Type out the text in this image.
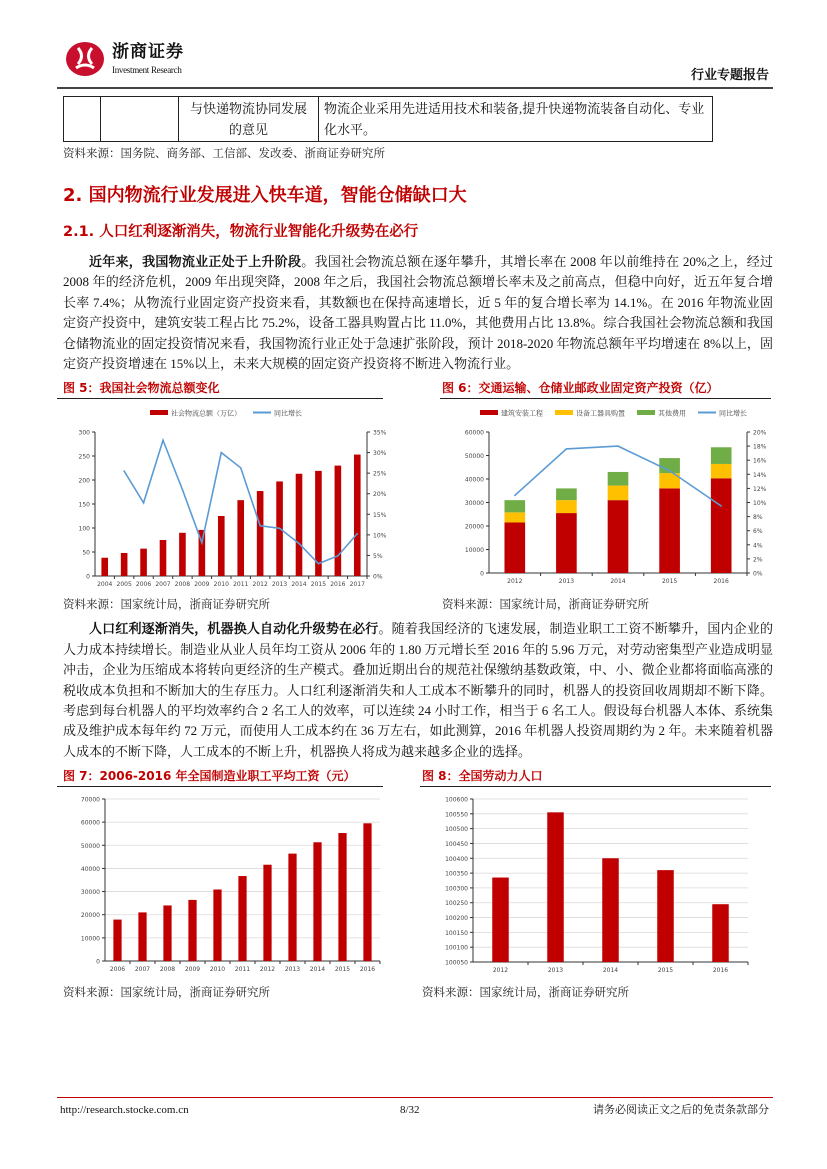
浙商证券
Investment Research	行业专题报告
		与快递物流协同发展的意见	物流企业采用先进适用技术和装备,提升快递物流装备自动化、专业化水平。
资料来源：国务院、商务部、工信部、发改委、浙商证券研究所
2. 国内物流行业发展进入快车道，智能仓储缺口大
2.1. 人口红利逐渐消失，物流行业智能化升级势在必行
近年来，我国物流业正处于上升阶段。我国社会物流总额在逐年攀升，其增长率在 2008 年以前维持在 20%之上，经过 2008 年的经济危机，2009 年出现突降，2008 年之后，我国社会物流总额增长率未及之前高点，但稳中向好，近五年复合增长率 7.4%；从物流行业固定资产投资来看，其数额也在保持高速增长，近 5 年的复合增长率为 14.1%。在 2016 年物流业固定资产投资中，建筑安装工程占比 75.2%，设备工器具购置占比 11.0%，其他费用占比 13.8%。综合我国社会物流总额和我国仓储物流业的固定投资情况来看，我国物流行业正处于急速扩张阶段，预计 2018-2020 年物流总额年平均增速在 8%以上，固定资产投资增速在 15%以上，未来大规模的固定资产投资将不断进入物流行业。
图 5：我国社会物流总额变化
0
50
100
150
200
250
300
2004 2005 2006 2007 2008 2009 2010 2011 2012 2013 2014 2015 2016 2017
0%
5%
10%
15%
20%
25%
30%
35%
社会物流总额（万亿）	同比增长
资料来源：国家统计局，浙商证券研究所
图 6：交通运输、仓储业邮政业固定资产投资（亿）
0
10000
20000
30000
40000
50000
60000
2012	2013	2014	2015	2016
0%
2%
4%
6%
8%
10%
12%
14%
16%
18%
20%
建筑安装工程	设备工器具购置	其他费用	同比增长
资料来源：国家统计局，浙商证券研究所
人口红利逐渐消失，机器换人自动化升级势在必行。随着我国经济的飞速发展，制造业职工工资不断攀升，国内企业的人力成本持续增长。制造业从业人员年均工资从 2006 年的 1.80 万元增长至 2016 年的 5.96 万元，对劳动密集型产业造成明显冲击，企业为压缩成本将转向更经济的生产模式。叠加近期出台的规范社保缴纳基数政策，中、小、微企业都将面临高涨的税收成本负担和不断加大的生存压力。人口红利逐渐消失和人工成本不断攀升的同时，机器人的投资回收周期却不断下降。考虑到每台机器人的平均效率约合 2 名工人的效率，可以连续 24 小时工作，相当于 6 名工人。假设每台机器人本体、系统集成及维护成本每年约 72 万元，而使用人工成本约在 36 万左右，如此测算，2016 年机器人投资周期约为 2 年。未来随着机器人成本的不断下降，人工成本的不断上升，机器换人将成为越来越多企业的选择。
图 7：2006-2016 年全国制造业职工平均工资（元）
0
10000
20000
30000
40000
50000
60000
70000
2006 2007 2008 2009 2010 2011 2012 2013 2014 2015 2016
资料来源：国家统计局，浙商证券研究所
图 8：全国劳动力人口
100050
100100
100150
100200
100250
100300
100350
100400
100450
100500
100550
100600
2012	2013	2014	2015	2016
资料来源：国家统计局，浙商证券研究所
http://research.stocke.com.cn	8/32	请务必阅读正文之后的免责条款部分
